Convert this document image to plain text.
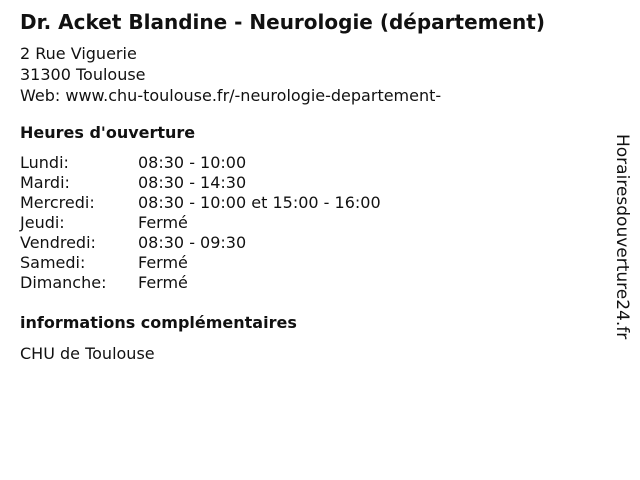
Dr. Acket Blandine - Neurologie (département)
2 Rue Viguerie
31300 Toulouse
Web: www.chu-toulouse.fr/-neurologie-departement-
Heures d'ouverture
Lundi:	08:30 - 10:00
Mardi:	08:30 - 14:30
Mercredi:	08:30 - 10:00 et 15:00 - 16:00
Jeudi:	Fermé
Vendredi:	08:30 - 09:30
Samedi:	Fermé
Dimanche:	Fermé
informations complémentaires
CHU de Toulouse
Horairesdouverture24.fr
